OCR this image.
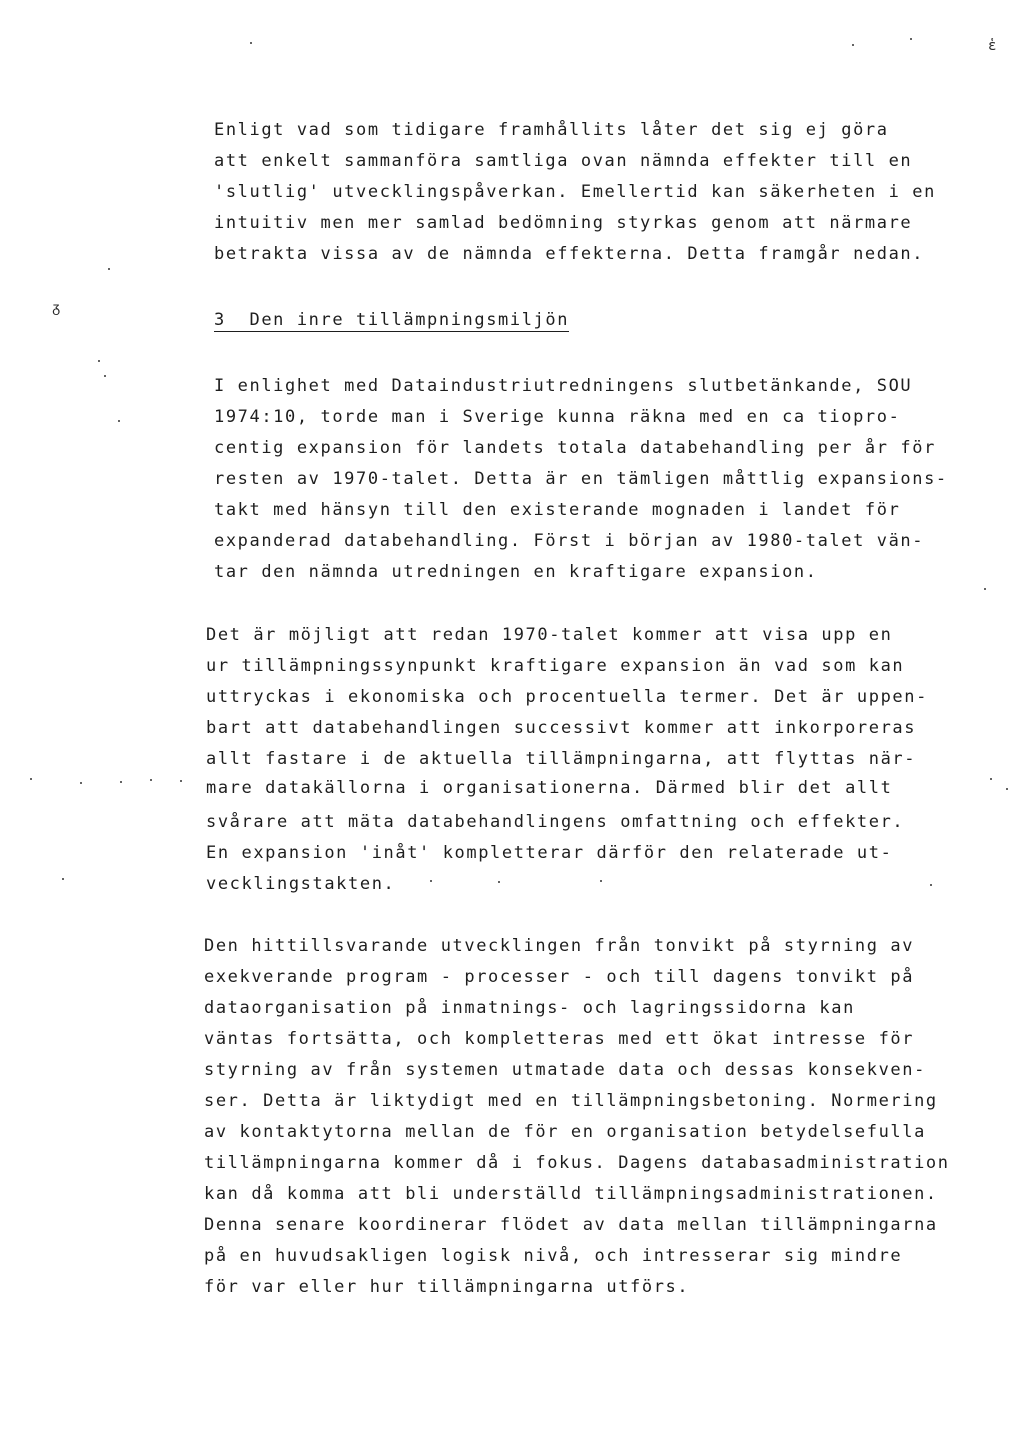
ἑ
ᵹ
Enligt vad som tidigare framhållits låter det sig ej göra
att enkelt sammanföra samtliga ovan nämnda effekter till en
'slutlig' utvecklingspåverkan. Emellertid kan säkerheten i en
intuitiv men mer samlad bedömning styrkas genom att närmare
betrakta vissa av de nämnda effekterna. Detta framgår nedan.
3  Den inre tillämpningsmiljön
I enlighet med Dataindustriutredningens slutbetänkande, SOU
1974:10, torde man i Sverige kunna räkna med en ca tiopro-
centig expansion för landets totala databehandling per år för
resten av 1970-talet. Detta är en tämligen måttlig expansions-
takt med hänsyn till den existerande mognaden i landet för
expanderad databehandling. Först i början av 1980-talet vän-
tar den nämnda utredningen en kraftigare expansion.
Det är möjligt att redan 1970-talet kommer att visa upp en
ur tillämpningssynpunkt kraftigare expansion än vad som kan
uttryckas i ekonomiska och procentuella termer. Det är uppen-
bart att databehandlingen successivt kommer att inkorporeras
allt fastare i de aktuella tillämpningarna, att flyttas när-
mare datakällorna i organisationerna. Därmed blir det allt
svårare att mäta databehandlingens omfattning och effekter.
En expansion 'inåt' kompletterar därför den relaterade ut-
vecklingstakten.
Den hittillsvarande utvecklingen från tonvikt på styrning av
exekverande program - processer - och till dagens tonvikt på
dataorganisation på inmatnings- och lagringssidorna kan
väntas fortsätta, och kompletteras med ett ökat intresse för
styrning av från systemen utmatade data och dessas konsekven-
ser. Detta är liktydigt med en tillämpningsbetoning. Normering
av kontaktytorna mellan de för en organisation betydelsefulla
tillämpningarna kommer då i fokus. Dagens databasadministration
kan då komma att bli underställd tillämpningsadministrationen.
Denna senare koordinerar flödet av data mellan tillämpningarna
på en huvudsakligen logisk nivå, och intresserar sig mindre
för var eller hur tillämpningarna utförs.
